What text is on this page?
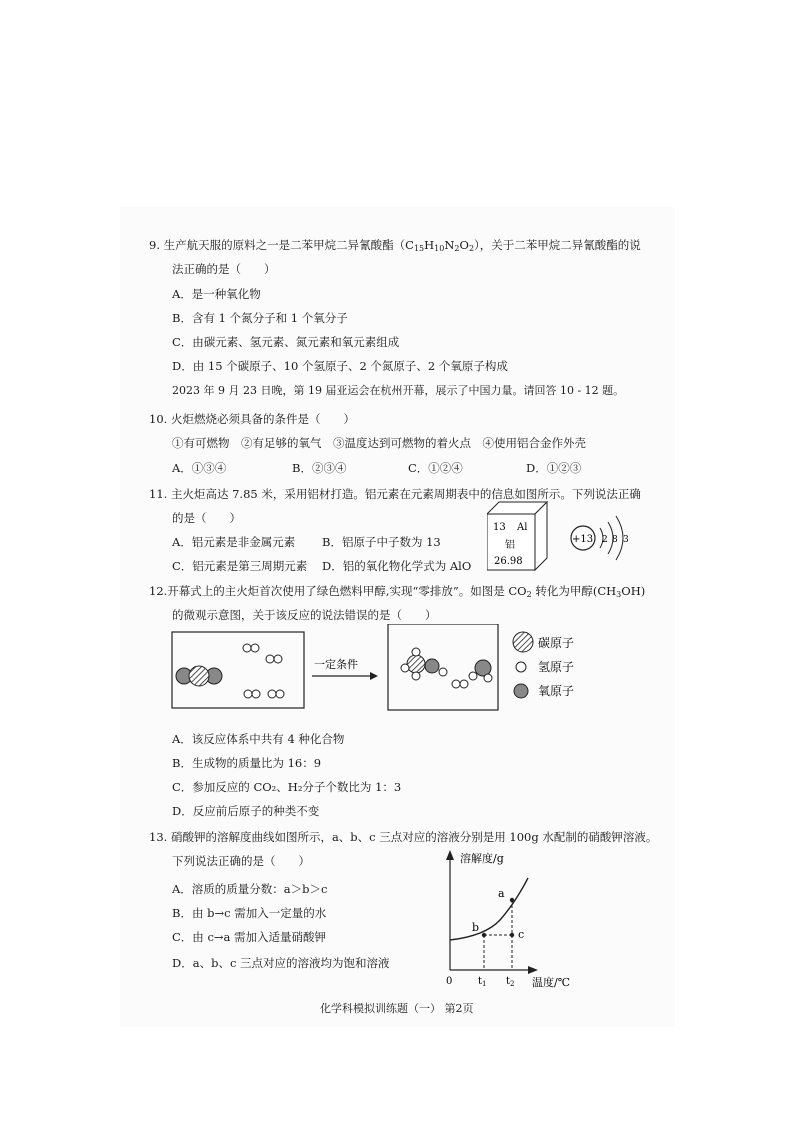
9. 生产航天服的原料之一是二苯甲烷二异氰酸酯$(C_{15}H_{10}N_2O_2)$，关于二苯甲烷二异氰酸酯的说
法正确的是（　　）
A．是一种氧化物
B．含有 1 个氮分子和 1 个氧分子
C．由碳元素、氢元素、氮元素和氧元素组成
D．由 15 个碳原子、10 个氢原子、2 个氮原子、2 个氧原子构成
2023 年 9 月 23 日晚，第 19 届亚运会在杭州开幕，展示了中国力量。请回答 10 - 12 题。
10. 火炬燃烧必须具备的条件是（　　）
①有可燃物　②有足够的氧气　③温度达到可燃物的着火点　④使用铝合金作外壳
A．①③④	B．②③④	C．①②④	D．①②③
11. 主火炬高达 7.85 米，采用铝材打造。铝元素在元素周期表中的信息如图所示。下列说法正确
的是（　　）
A．铝元素是非金属元素 B．铝原子中子数为 13
C．铝元素是第三周期元素 D．铝的氧化物化学式为 AlO
13 Al
铝
26.98
+13 2 8 3
12.开幕式上的主火炬首次使用了绿色燃料甲醇,实现“零排放”。如图是 $CO_2$ 转化为甲醇$(CH_3OH)$
的微观示意图，关于该反应的说法错误的是（　　）
一定条件
碳原子
氢原子
氧原子
A．该反应体系中共有 4 种化合物
B．生成物的质量比为 16：9
C．参加反应的 CO₂、H₂分子个数比为 1：3
D．反应前后原子的种类不变
13. 硝酸钾的溶解度曲线如图所示，a、b、c 三点对应的溶液分别是用 100g 水配制的硝酸钾溶液。
下列说法正确的是（　　）
A．溶质的质量分数：a＞b＞c
B．由 b→c 需加入一定量的水
C．由 c→a 需加入适量硝酸钾
D．a、b、c 三点对应的溶液均为饱和溶液
溶解度/g
温度/℃
0	$t_1$ $t_2$
a
b
c
化学科模拟训练题（一） 第2页
